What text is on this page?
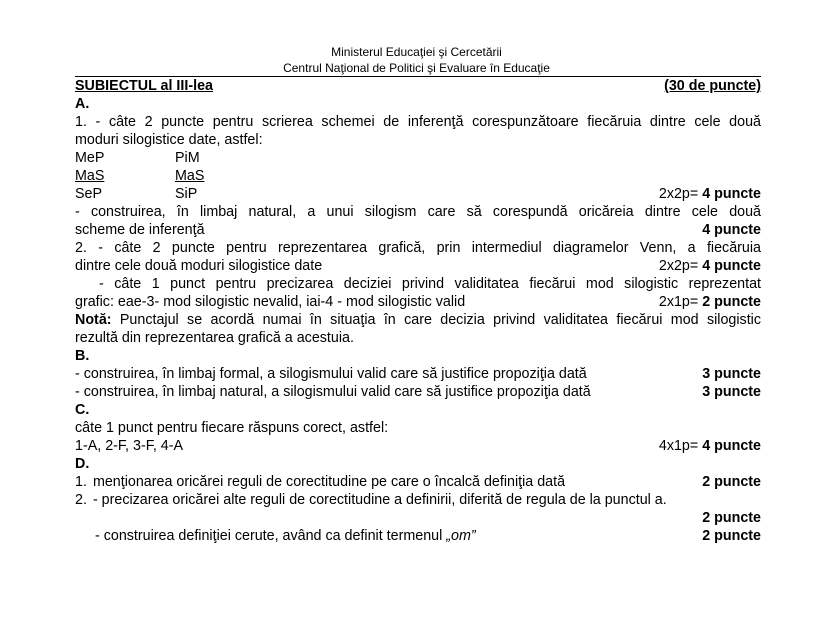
Ministerul Educaţiei şi Cercetării
Centrul Naţional de Politici şi Evaluare în Educaţie
SUBIECTUL al III-lea	(30 de puncte)
A.
1. - câte 2 puncte pentru scrierea schemei de inferenţă corespunzătoare fiecăruia dintre cele două
moduri silogistice date, astfel:
MeP	PiM
MaS	MaS
SeP	SiP	2x2p= 4 puncte
- construirea, în limbaj natural, a unui silogism care să corespundă oricăreia dintre cele două
scheme de inferenţă	4 puncte
2. - câte 2 puncte pentru reprezentarea grafică, prin intermediul diagramelor Venn, a fiecăruia
dintre cele două moduri silogistice date	2x2p= 4 puncte
- câte 1 punct pentru precizarea deciziei privind validitatea fiecărui mod silogistic reprezentat
grafic: eae-3- mod silogistic nevalid, iai-4 - mod silogistic valid	2x1p= 2 puncte
Notă: Punctajul se acordă numai în situaţia în care decizia privind validitatea fiecărui mod silogistic
rezultă din reprezentarea grafică a acestuia.
B.
- construirea, în limbaj formal, a silogismului valid care să justifice propoziţia dată	3 puncte
- construirea, în limbaj natural, a silogismului valid care să justifice propoziţia dată	3 puncte
C.
câte 1 punct pentru fiecare răspuns corect, astfel:
1-A, 2-F, 3-F, 4-A	4x1p= 4 puncte
D.
1. menţionarea oricărei reguli de corectitudine pe care o încalcă definiţia dată	2 puncte
2. - precizarea oricărei alte reguli de corectitudine a definirii, diferită de regula de la punctul a.
2 puncte
- construirea definiţiei cerute, având ca definit termenul „om”	2 puncte
